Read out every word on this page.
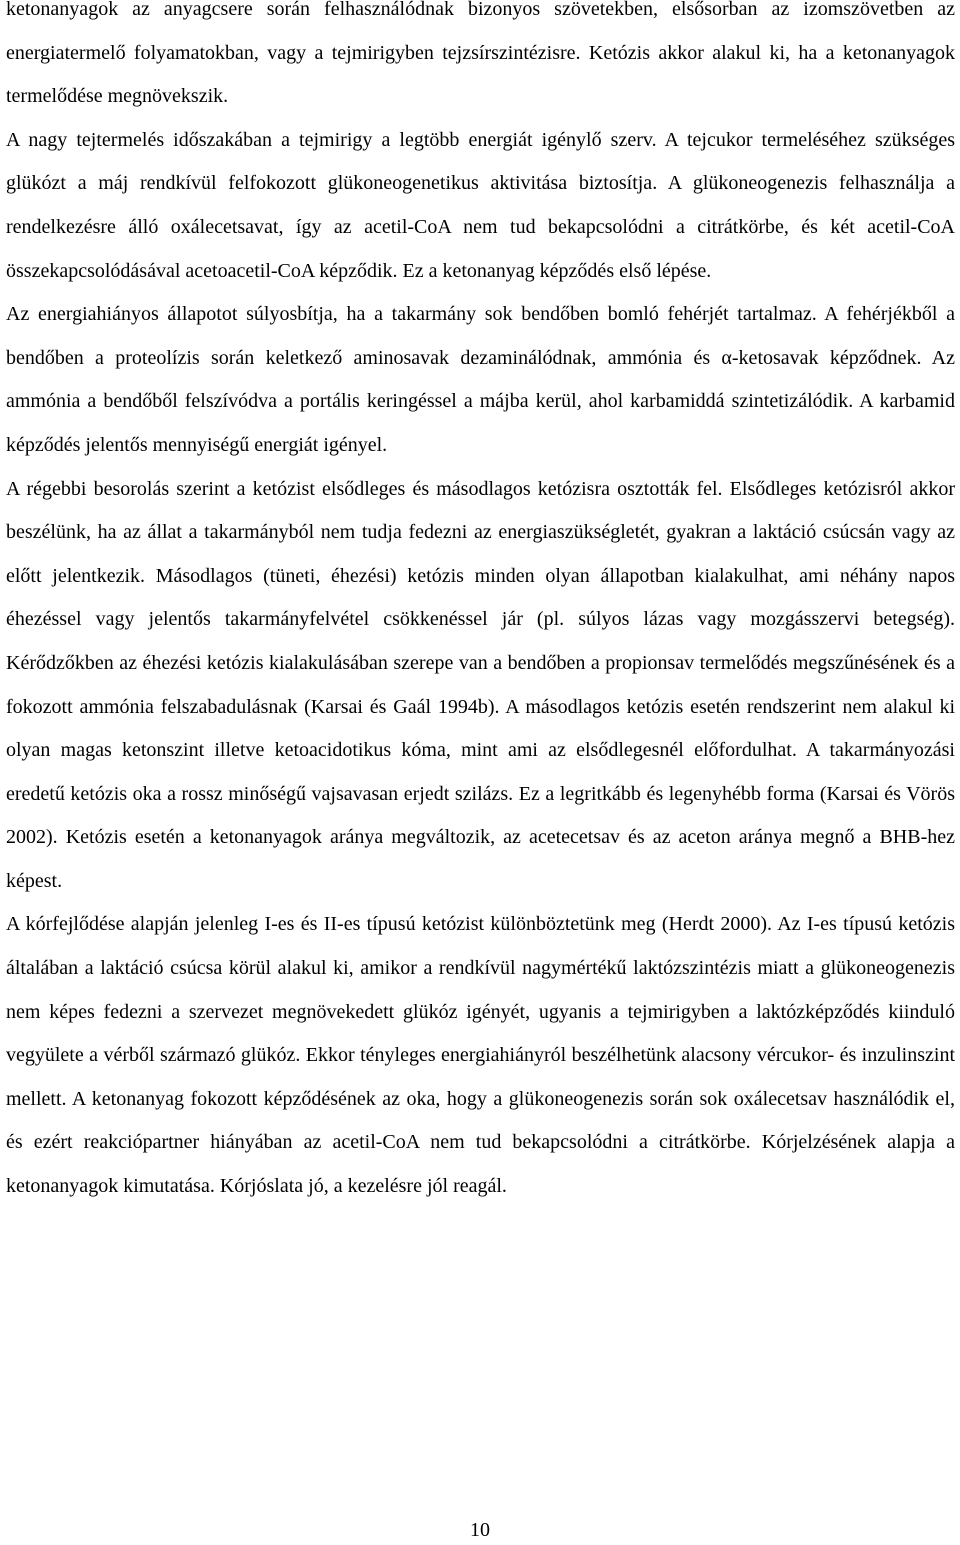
ketonanyagok az anyagcsere során felhasználódnak bizonyos szövetekben, elsősorban az izomszövetben az energiatermelő folyamatokban, vagy a tejmirigyben tejzsírszintézisre. Ketózis akkor alakul ki, ha a ketonanyagok termelődése megnövekszik.

A nagy tejtermelés időszakában a tejmirigy a legtöbb energiát igénylő szerv. A tejcukor termeléséhez szükséges glükózt a máj rendkívül felfokozott glükoneogenetikus aktivitása biztosítja. A glükoneogenezis felhasználja a rendelkezésre álló oxálecetsavat, így az acetil-CoA nem tud bekapcsolódni a citrátkörbe, és két acetil-CoA összekapcsolódásával acetoacetil-CoA képződik. Ez a ketonanyag képződés első lépése.

Az energiahiányos állapotot súlyosbítja, ha a takarmány sok bendőben bomló fehérjét tartalmaz. A fehérjékből a bendőben a proteolízis során keletkező aminosavak dezaminálódnak, ammónia és α-ketosavak képződnek. Az ammónia a bendőből felszívódva a portális keringéssel a májba kerül, ahol karbamiddá szintetizálódik. A karbamid képződés jelentős mennyiségű energiát igényel.

A régebbi besorolás szerint a ketózist elsődleges és másodlagos ketózisra osztották fel. Elsődleges ketózisról akkor beszélünk, ha az állat a takarmányból nem tudja fedezni az energiaszükségletét, gyakran a laktáció csúcsán vagy az előtt jelentkezik. Másodlagos (tüneti, éhezési) ketózis minden olyan állapotban kialakulhat, ami néhány napos éhezéssel vagy jelentős takarmányfelvétel csökkenéssel jár (pl. súlyos lázas vagy mozgásszervi betegség). Kérődzőkben az éhezési ketózis kialakulásában szerepe van a bendőben a propionsav termelődés megszűnésének és a fokozott ammónia felszabadulásnak (Karsai és Gaál 1994b). A másodlagos ketózis esetén rendszerint nem alakul ki olyan magas ketonszint illetve ketoacidotikus kóma, mint ami az elsődlegesnél előfordulhat. A takarmányozási eredetű ketózis oka a rossz minőségű vajsavasan erjedt szilázs. Ez a legritkább és legenyhébb forma (Karsai és Vörös 2002). Ketózis esetén a ketonanyagok aránya megváltozik, az acetecetsav és az aceton aránya megnő a BHB-hez képest.

A kórfejlődése alapján jelenleg I-es és II-es típusú ketózist különböztetünk meg (Herdt 2000). Az I-es típusú ketózis általában a laktáció csúcsa körül alakul ki, amikor a rendkívül nagymértékű laktózszintézis miatt a glükoneogenezis nem képes fedezni a szervezet megnövekedett glükóz igényét, ugyanis a tejmirigyben a laktózképződés kiinduló vegyülete a vérből származó glükóz. Ekkor tényleges energiahiányról beszélhetünk alacsony vércukor- és inzulinszint mellett. A ketonanyag fokozott képződésének az oka, hogy a glükoneogenezis során sok oxálecetsav használódik el, és ezért reakciópartner hiányában az acetil-CoA nem tud bekapcsolódni a citrátkörbe. Kórjelzésének alapja a ketonanyagok kimutatása. Kórjóslata jó, a kezelésre jól reagál.

10
